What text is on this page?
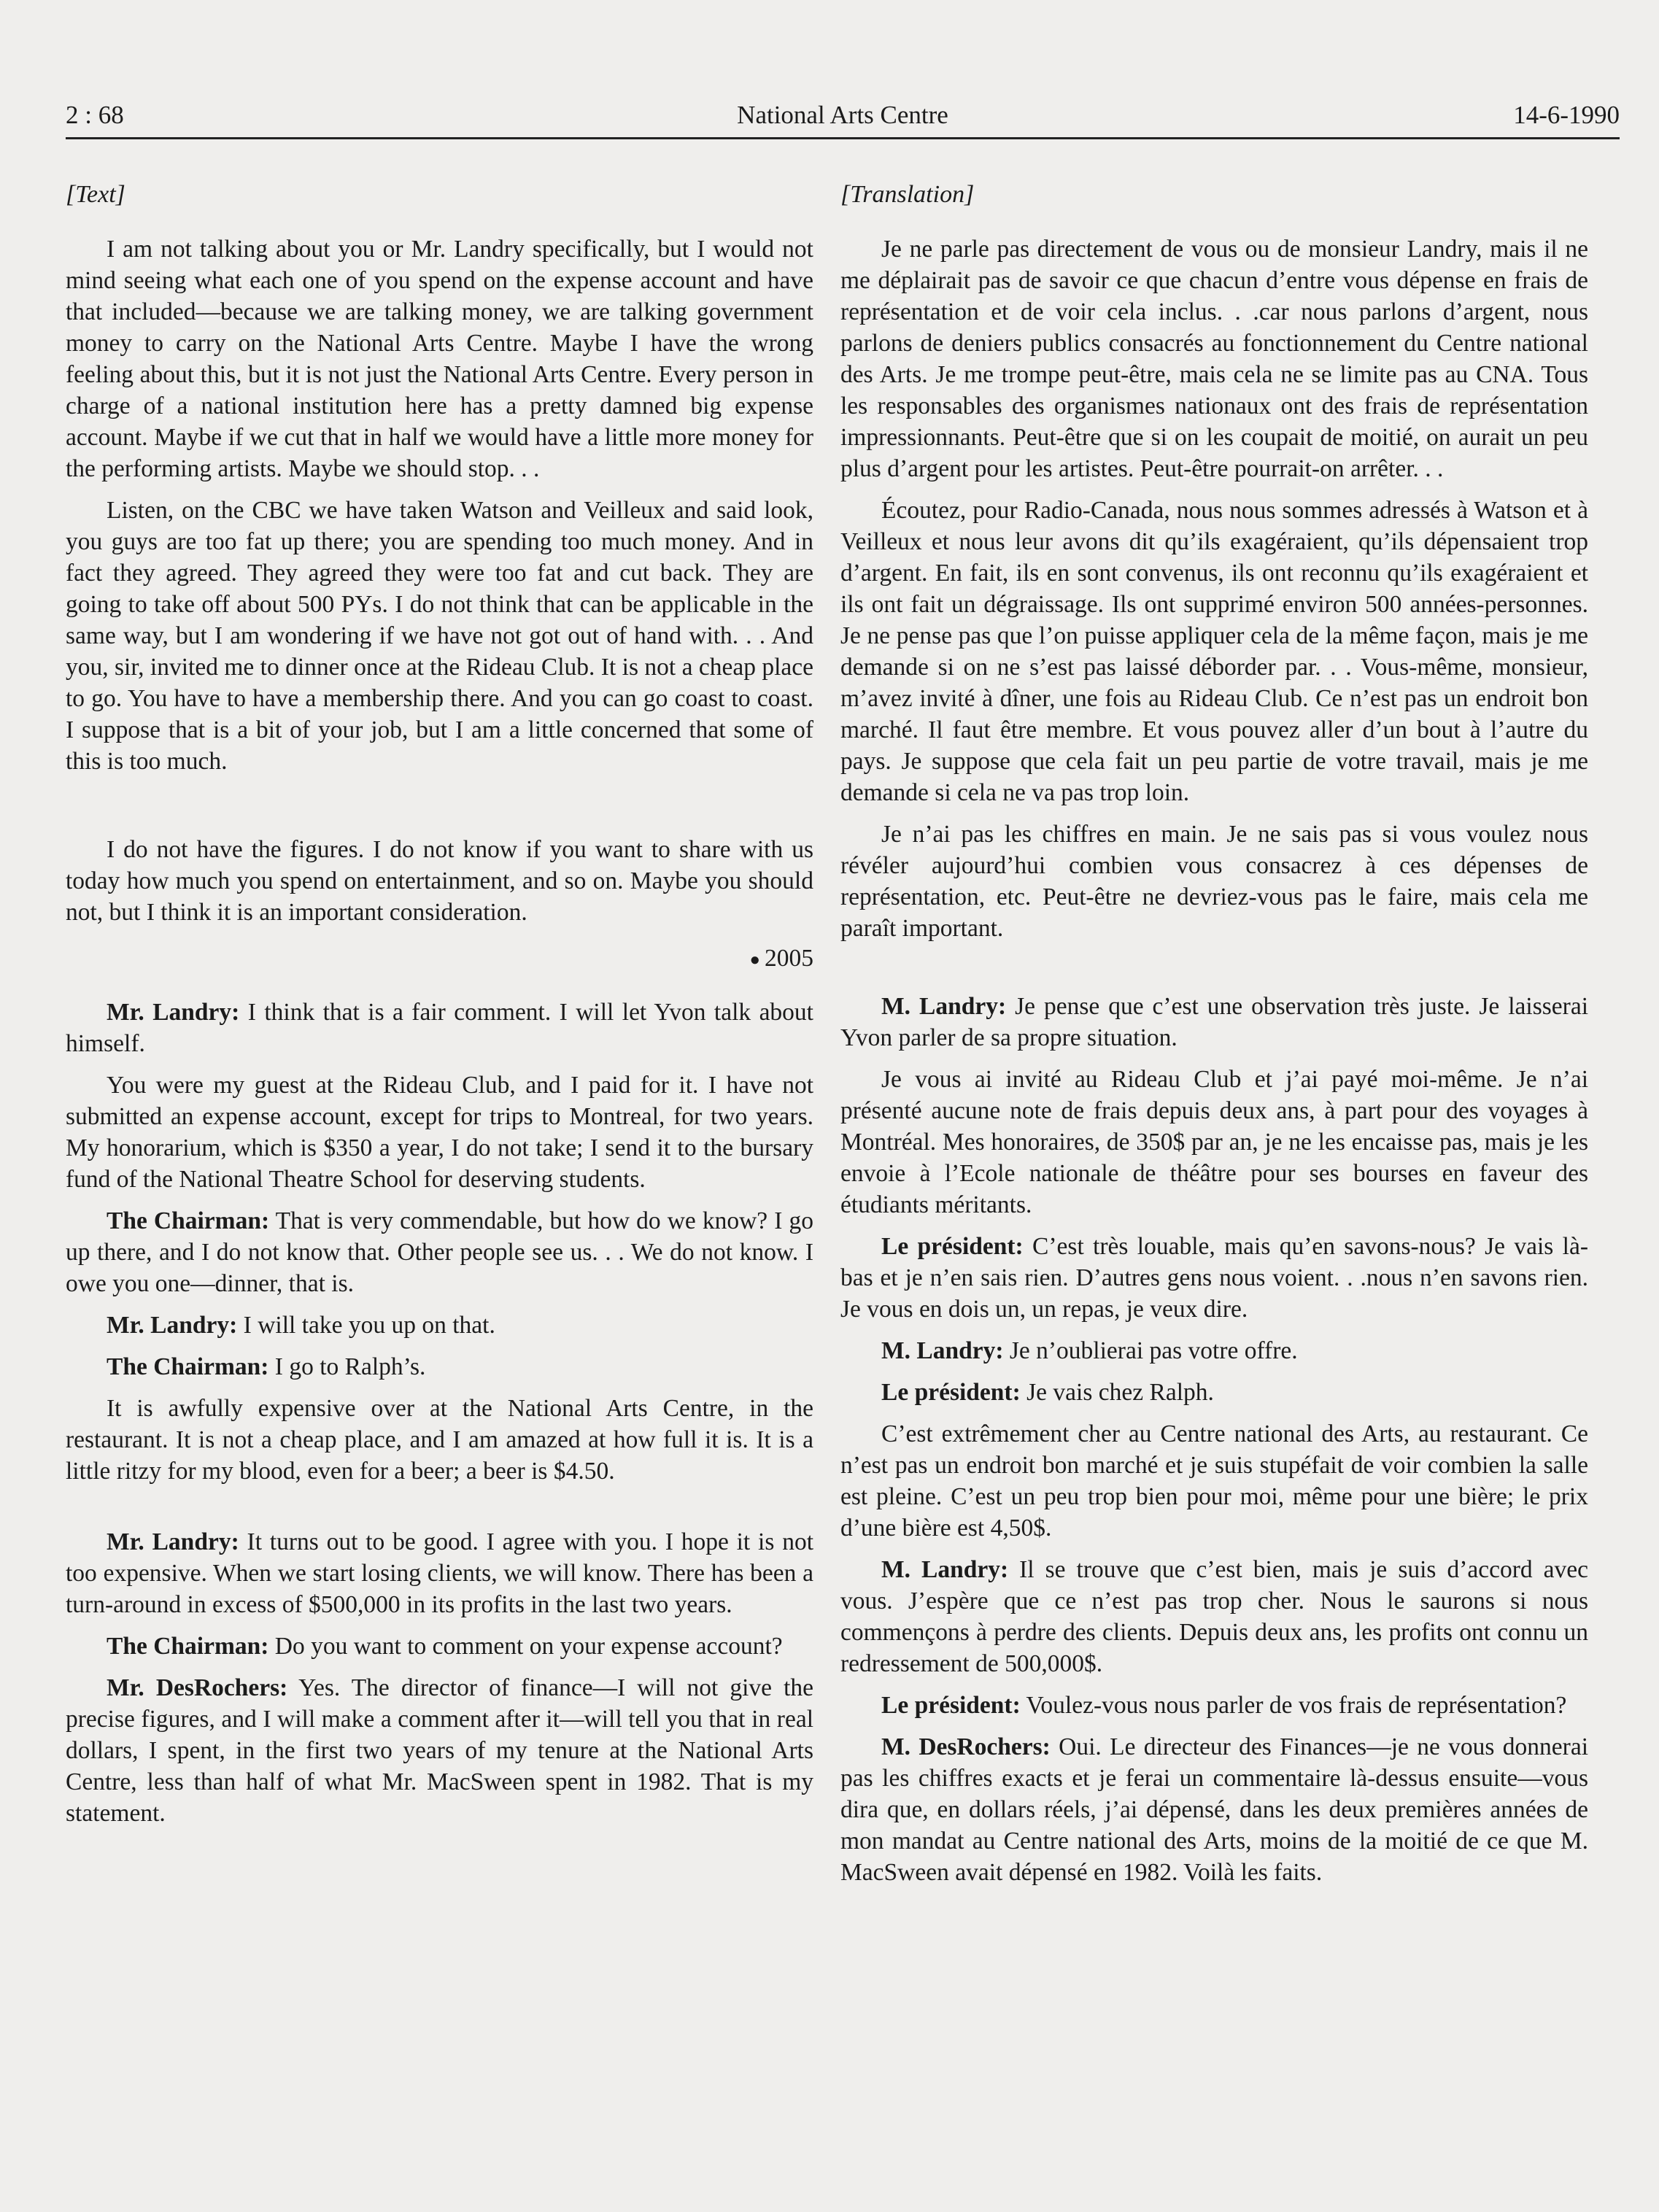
2 : 68	National Arts Centre	14-6-1990
[Text]

I am not talking about you or Mr. Landry specifically, but I would not mind seeing what each one of you spend on the expense account and have that included—because we are talking money, we are talking government money to carry on the National Arts Centre. Maybe I have the wrong feeling about this, but it is not just the National Arts Centre. Every person in charge of a national institution here has a pretty damned big expense account. Maybe if we cut that in half we would have a little more money for the performing artists. Maybe we should stop. . .

Listen, on the CBC we have taken Watson and Veilleux and said look, you guys are too fat up there; you are spending too much money. And in fact they agreed. They agreed they were too fat and cut back. They are going to take off about 500 PYs. I do not think that can be applicable in the same way, but I am wondering if we have not got out of hand with. . . And you, sir, invited me to dinner once at the Rideau Club. It is not a cheap place to go. You have to have a membership there. And you can go coast to coast. I suppose that is a bit of your job, but I am a little concerned that some of this is too much.

I do not have the figures. I do not know if you want to share with us today how much you spend on entertainment, and so on. Maybe you should not, but I think it is an important consideration.

● 2005

Mr. Landry: I think that is a fair comment. I will let Yvon talk about himself.

You were my guest at the Rideau Club, and I paid for it. I have not submitted an expense account, except for trips to Montreal, for two years. My honorarium, which is $350 a year, I do not take; I send it to the bursary fund of the National Theatre School for deserving students.

The Chairman: That is very commendable, but how do we know? I go up there, and I do not know that. Other people see us. . . We do not know. I owe you one—dinner, that is.

Mr. Landry: I will take you up on that.

The Chairman: I go to Ralph’s.

It is awfully expensive over at the National Arts Centre, in the restaurant. It is not a cheap place, and I am amazed at how full it is. It is a little ritzy for my blood, even for a beer; a beer is $4.50.

Mr. Landry: It turns out to be good. I agree with you. I hope it is not too expensive. When we start losing clients, we will know. There has been a turn-around in excess of $500,000 in its profits in the last two years.

The Chairman: Do you want to comment on your expense account?

Mr. DesRochers: Yes. The director of finance—I will not give the precise figures, and I will make a comment after it—will tell you that in real dollars, I spent, in the first two years of my tenure at the National Arts Centre, less than half of what Mr. MacSween spent in 1982. That is my statement.

[Translation]

Je ne parle pas directement de vous ou de monsieur Landry, mais il ne me déplairait pas de savoir ce que chacun d’entre vous dépense en frais de représentation et de voir cela inclus. . .car nous parlons d’argent, nous parlons de deniers publics consacrés au fonctionnement du Centre national des Arts. Je me trompe peut-être, mais cela ne se limite pas au CNA. Tous les responsables des organismes nationaux ont des frais de représentation impressionnants. Peut-être que si on les coupait de moitié, on aurait un peu plus d’argent pour les artistes. Peut-être pourrait-on arrêter. . .

Écoutez, pour Radio-Canada, nous nous sommes adressés à Watson et à Veilleux et nous leur avons dit qu’ils exagéraient, qu’ils dépensaient trop d’argent. En fait, ils en sont convenus, ils ont reconnu qu’ils exagéraient et ils ont fait un dégraissage. Ils ont supprimé environ 500 années-personnes. Je ne pense pas que l’on puisse appliquer cela de la même façon, mais je me demande si on ne s’est pas laissé déborder par. . . Vous-même, monsieur, m’avez invité à dîner, une fois au Rideau Club. Ce n’est pas un endroit bon marché. Il faut être membre. Et vous pouvez aller d’un bout à l’autre du pays. Je suppose que cela fait un peu partie de votre travail, mais je me demande si cela ne va pas trop loin.

Je n’ai pas les chiffres en main. Je ne sais pas si vous voulez nous révéler aujourd’hui combien vous consacrez à ces dépenses de représentation, etc. Peut-être ne devriez-vous pas le faire, mais cela me paraît important.

M. Landry: Je pense que c’est une observation très juste. Je laisserai Yvon parler de sa propre situation.

Je vous ai invité au Rideau Club et j’ai payé moi-même. Je n’ai présenté aucune note de frais depuis deux ans, à part pour des voyages à Montréal. Mes honoraires, de 350$ par an, je ne les encaisse pas, mais je les envoie à l’Ecole nationale de théâtre pour ses bourses en faveur des étudiants méritants.

Le président: C’est très louable, mais qu’en savons-nous? Je vais là-bas et je n’en sais rien. D’autres gens nous voient. . .nous n’en savons rien. Je vous en dois un, un repas, je veux dire.

M. Landry: Je n’oublierai pas votre offre.

Le président: Je vais chez Ralph.

C’est extrêmement cher au Centre national des Arts, au restaurant. Ce n’est pas un endroit bon marché et je suis stupéfait de voir combien la salle est pleine. C’est un peu trop bien pour moi, même pour une bière; le prix d’une bière est 4,50$.

M. Landry: Il se trouve que c’est bien, mais je suis d’accord avec vous. J’espère que ce n’est pas trop cher. Nous le saurons si nous commençons à perdre des clients. Depuis deux ans, les profits ont connu un redressement de 500,000$.

Le président: Voulez-vous nous parler de vos frais de représentation?

M. DesRochers: Oui. Le directeur des Finances—je ne vous donnerai pas les chiffres exacts et je ferai un commentaire là-dessus ensuite—vous dira que, en dollars réels, j’ai dépensé, dans les deux premières années de mon mandat au Centre national des Arts, moins de la moitié de ce que M. MacSween avait dépensé en 1982. Voilà les faits.
